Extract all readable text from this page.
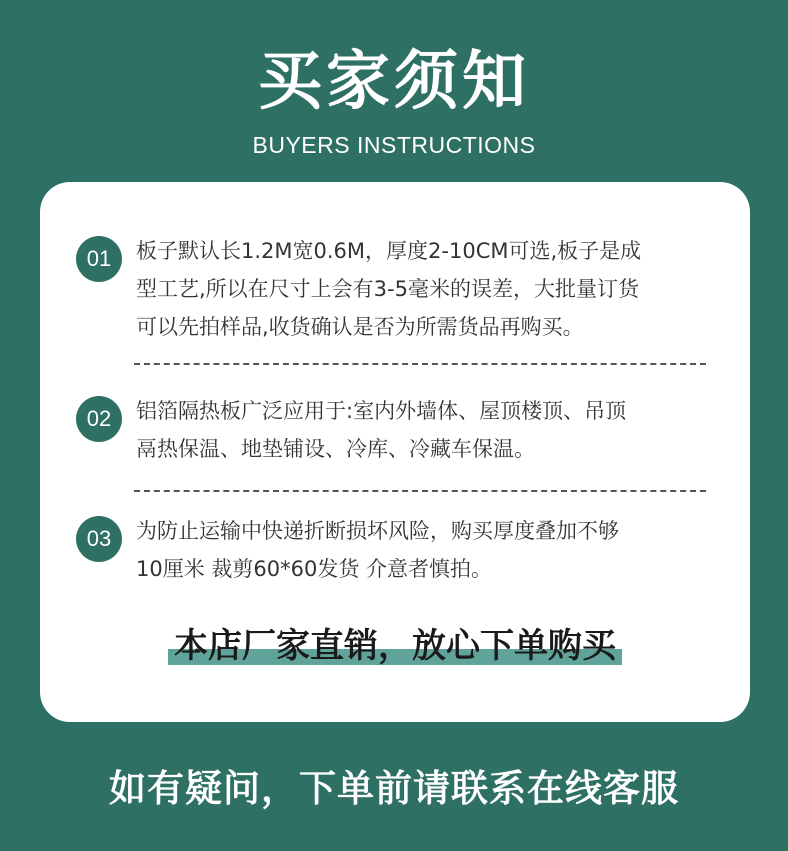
买家须知
BUYERS INSTRUCTIONS
01	板子默认长1.2M宽0.6M，厚度2-10CM可选,板子是成
型工艺,所以在尺寸上会有3-5毫米的误差，大批量订货
可以先拍样品,收货确认是否为所需货品再购买。
02	铝箔隔热板广泛应用于:室内外墙体、屋顶楼顶、吊顶
鬲热保温、地垫铺设、冷库、冷藏车保温。
03	为防止运输中快递折断损坏风险，购买厚度叠加不够
10厘米 裁剪60*60发货 介意者慎拍。
本店厂家直销，放心下单购买
如有疑问，下单前请联系在线客服
